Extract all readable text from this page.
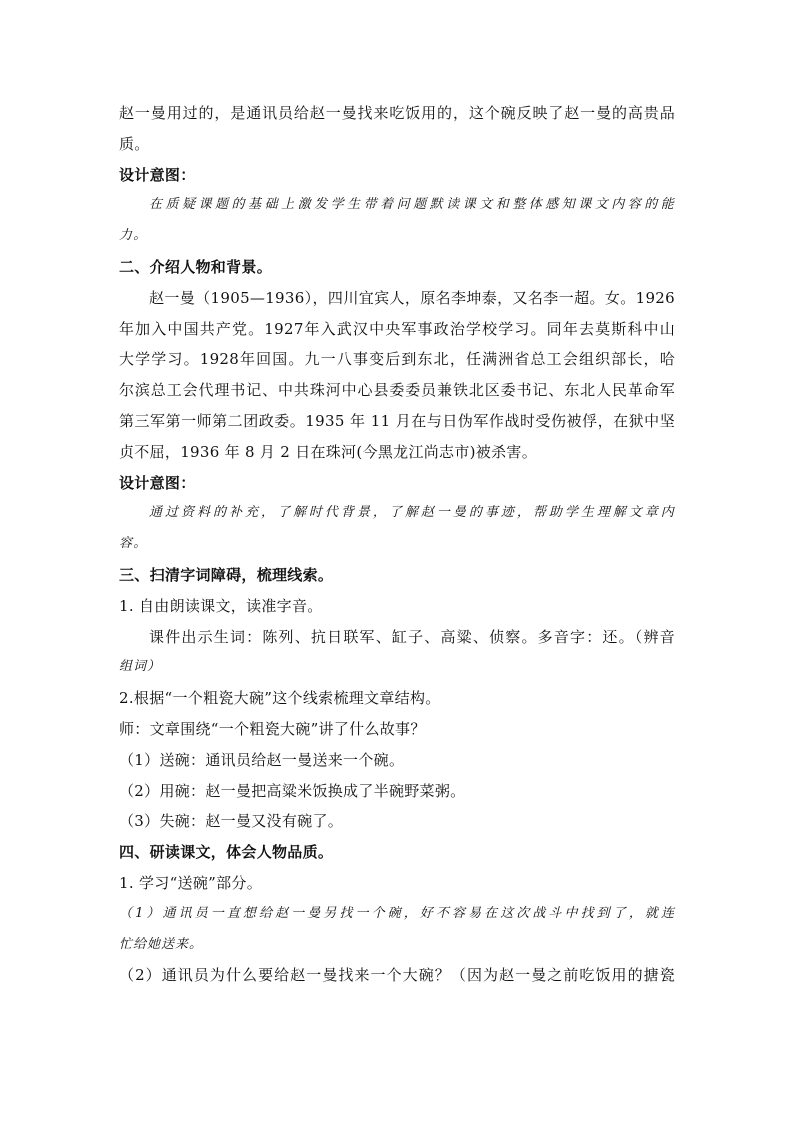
赵一曼用过的，是通讯员给赵一曼找来吃饭用的，这个碗反映了赵一曼的高贵品
质。
设计意图：
在质疑课题的基础上激发学生带着问题默读课文和整体感知课文内容的能
力。
二、介绍人物和背景。
赵一曼（1905—1936），四川宜宾人，原名李坤泰，又名李一超。女。1926
年加入中国共产党。1927年入武汉中央军事政治学校学习。同年去莫斯科中山
大学学习。1928年回国。九一八事变后到东北，任满洲省总工会组织部长，哈
尔滨总工会代理书记、中共珠河中心县委委员兼铁北区委书记、东北人民革命军
第三军第一师第二团政委。1935 年 11 月在与日伪军作战时受伤被俘，在狱中坚
贞不屈，1936 年 8 月 2 日在珠河(今黑龙江尚志市)被杀害。
设计意图：
通过资料的补充，了解时代背景，了解赵一曼的事迹，帮助学生理解文章内
容。
三、扫清字词障碍，梳理线索。
1. 自由朗读课文，读准字音。
课件出示生词：陈列、抗日联军、缸子、高粱、侦察。多音字：还。（辨音
组词）
2.根据“一个粗瓷大碗”这个线索梳理文章结构。
师：文章围绕“一个粗瓷大碗”讲了什么故事？
（1）送碗：通讯员给赵一曼送来一个碗。
（2）用碗：赵一曼把高粱米饭换成了半碗野菜粥。
（3）失碗：赵一曼又没有碗了。
四、研读课文，体会人物品质。
1. 学习“送碗”部分。
（1）通讯员一直想给赵一曼另找一个碗，好不容易在这次战斗中找到了，就连
忙给她送来。
（2）通讯员为什么要给赵一曼找来一个大碗？（因为赵一曼之前吃饭用的搪瓷
